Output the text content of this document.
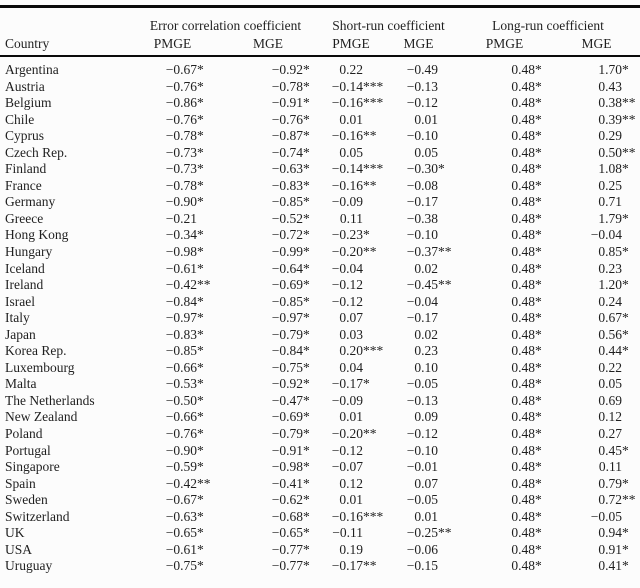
	Error correlation coefficient		Short-run coefficient		Long-run coefficient	
Country	PMGE	MGE	PMGE	MGE	PMGE	MGE
Argentina	−0.67 *	−0.92 *	0.22	−0.49	0.48 *	1.70 *

Austria	−0.76 *	−0.78 *	−0.14 ***	−0.13	0.48 *	0.43

Belgium	−0.86 *	−0.91 *	−0.16 ***	−0.12	0.48 *	0.38 **

Chile	−0.76 *	−0.76 *	0.01	0.01	0.48 *	0.39 **

Cyprus	−0.78 *	−0.87 *	−0.16 **	−0.10	0.48 *	0.29

Czech Rep.	−0.73 *	−0.74 *	0.05	0.05	0.48 *	0.50 **

Finland	−0.73 *	−0.63 *	−0.14 ***	−0.30 *	0.48 *	1.08 *

France	−0.78 *	−0.83 *	−0.16 **	−0.08	0.48 *	0.25

Germany	−0.90 *	−0.85 *	−0.09	−0.17	0.48 *	0.71

Greece	−0.21	−0.52 *	0.11	−0.38	0.48 *	1.79 *

Hong Kong	−0.34 *	−0.72 *	−0.23 *	−0.10	0.48 *	−0.04

Hungary	−0.98 *	−0.99 *	−0.20 **	−0.37 **	0.48 *	0.85 *

Iceland	−0.61 *	−0.64 *	−0.04	0.02	0.48 *	0.23

Ireland	−0.42 **	−0.69 *	−0.12	−0.45 **	0.48 *	1.20 *

Israel	−0.84 *	−0.85 *	−0.12	−0.04	0.48 *	0.24

Italy	−0.97 *	−0.97 *	0.07	−0.17	0.48 *	0.67 *

Japan	−0.83 *	−0.79 *	0.03	0.02	0.48 *	0.56 *

Korea Rep.	−0.85 *	−0.84 *	0.20 ***	0.23	0.48 *	0.44 *

Luxembourg	−0.66 *	−0.75 *	0.04	0.10	0.48 *	0.22

Malta	−0.53 *	−0.92 *	−0.17 *	−0.05	0.48 *	0.05

The Netherlands	−0.50 *	−0.47 *	−0.09	−0.13	0.48 *	0.69

New Zealand	−0.66 *	−0.69 *	0.01	0.09	0.48 *	0.12

Poland	−0.76 *	−0.79 *	−0.20 **	−0.12	0.48 *	0.27

Portugal	−0.90 *	−0.91 *	−0.12	−0.10	0.48 *	0.45 *

Singapore	−0.59 *	−0.98 *	−0.07	−0.01	0.48 *	0.11

Spain	−0.42 **	−0.41 *	0.12	0.07	0.48 *	0.79 *

Sweden	−0.67 *	−0.62 *	0.01	−0.05	0.48 *	0.72 **

Switzerland	−0.63 *	−0.68 *	−0.16 ***	0.01	0.48 *	−0.05

UK	−0.65 *	−0.65 *	−0.11	−0.25 **	0.48 *	0.94 *

USA	−0.61 *	−0.77 *	0.19	−0.06	0.48 *	0.91 *

Uruguay	−0.75 *	−0.77 *	−0.17 **	−0.15	0.48 *	0.41 *
